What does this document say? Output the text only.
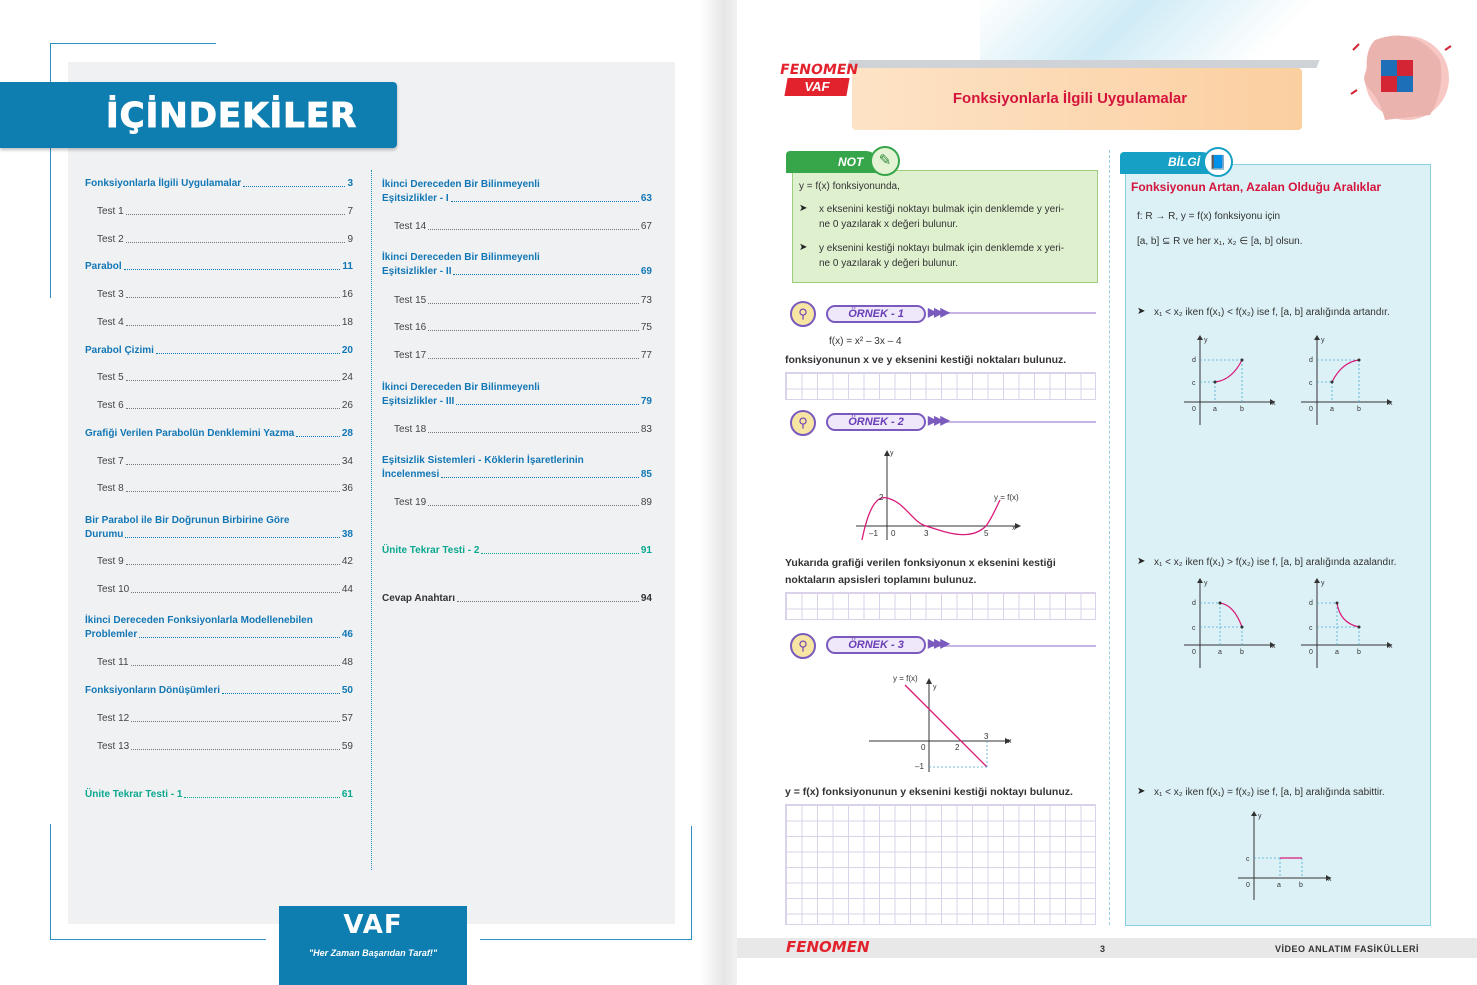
İÇİNDEKİLER
Fonksiyonlarla İlgili Uygulamalar	3
Test 1	7
Test 2	9
Parabol	11
Test 3	16
Test 4	18
Parabol Çizimi	20
Test 5	24
Test 6	26
Grafiği Verilen Parabolün Denklemini Yazma	28
Test 7	34
Test 8	36
Bir Parabol ile Bir Doğrunun Birbirine Göre
Durumu	38
Test 9	42
Test 10	44
İkinci Dereceden Fonksiyonlarla Modellenebilen
Problemler	46
Test 11	48
Fonksiyonların Dönüşümleri	50
Test 12	57
Test 13	59
Ünite Tekrar Testi - 1	61
İkinci Dereceden Bir Bilinmeyenli
Eşitsizlikler - I	63
Test 14	67
İkinci Dereceden Bir Bilinmeyenli
Eşitsizlikler - II	69
Test 15	73
Test 16	75
Test 17	77
İkinci Dereceden Bir Bilinmeyenli
Eşitsizlikler - III	79
Test 18	83
Eşitsizlik Sistemleri - Köklerin İşaretlerinin
İncelenmesi	85
Test 19	89
Ünite Tekrar Testi - 2	91
Cevap Anahtarı	94
VAF
"Her Zaman Başarıdan Taraf!"
Fonksiyonlarla İlgili Uygulamalar
FENOMEN
VAF
NOT	✎
y = f(x) fonksiyonunda,
➤ x eksenini kestiği noktayı bulmak için denklemde y yeri-
ne 0 yazılarak x değeri bulunur.
➤ y eksenini kestiği noktayı bulmak için denklemde x yeri-
ne 0 yazılarak y değeri bulunur.
⚲	ÖRNEK - 1	▶▶▶
f(x) = x² – 3x – 4
fonksiyonunun x ve y eksenini kestiği noktaları bulunuz.
⚲	ÖRNEK - 2	▶▶▶
y
x
2
–1 0	3	5
y = f(x)
Yukarıda grafiği verilen fonksiyonun x eksenini kestiği
noktaların apsisleri toplamını bulunuz.
⚲	ÖRNEK - 3	▶▶▶
y = f(x)
y
x
0	2
3
–1
y = f(x) fonksiyonunun y eksenini kestiği noktayı bulunuz.
BİLGİ 📘
Fonksiyonun Artan, Azalan Olduğu Aralıklar
f: R → R, y = f(x) fonksiyonu için
[a, b] ⊆ R ve her x₁, x₂ ∈ [a, b] olsun.
➤ x₁ < x₂ iken f(x₁) < f(x₂) ise f, [a, b] aralığında artandır.
➤ x₁ < x₂ iken f(x₁) > f(x₂) ise f, [a, b] aralığında azalandır.
➤ x₁ < x₂ iken f(x₁) = f(x₂) ise f, [a, b] aralığında sabittir.
y
x
d
c
0 a	b
y
x
d
c
0 a	b
y
x
d
c
0	a	b
y
x
d
c
0	a	b
y
x
c
0	a	b
FENOMEN	3	VİDEO ANLATIM FASİKÜLLERİ
